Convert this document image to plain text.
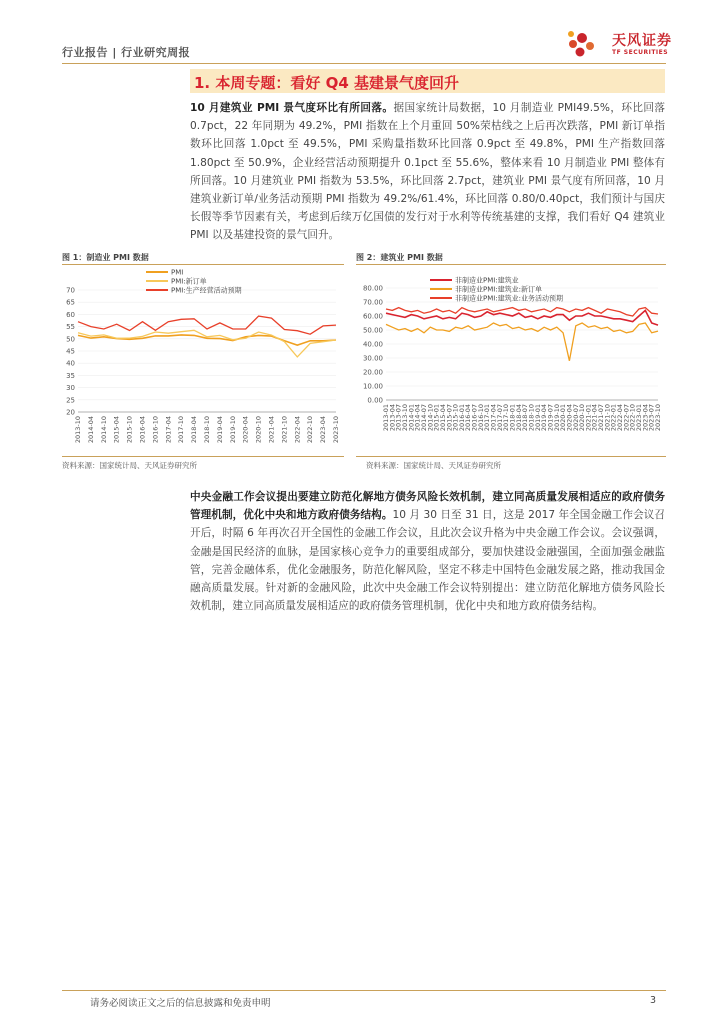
行业报告 | 行业研究周报
天风证券
TF SECURITIES
1. 本周专题：看好 Q4 基建景气度回升

10 月建筑业 PMI 景气度环比有所回落。据国家统计局数据，10 月制造业 PMI49.5%，环比回落 0.7pct，22 年同期为 49.2%，PMI 指数在上个月重回 50%荣枯线之上后再次跌落，PMI 新订单指数环比回落 1.0pct 至 49.5%，PMI 采购量指数环比回落 0.9pct 至 49.8%，PMI 生产指数回落 1.80pct 至 50.9%，企业经营活动预期提升 0.1pct 至 55.6%，整体来看 10 月制造业 PMI 整体有所回落。10 月建筑业 PMI 指数为 53.5%，环比回落 2.7pct，建筑业 PMI 景气度有所回落，10 月建筑业新订单/业务活动预期 PMI 指数为 49.2%/61.4%，环比回落 0.80/0.40pct，我们预计与国庆长假等季节因素有关，考虑到后续万亿国债的发行对于水利等传统基建的支撑，我们看好 Q4 建筑业 PMI 以及基建投资的景气回升。

图 1：制造业 PMI 数据
20
25
30
35
40
45
50
55
60
65
70
2013-10 2014-04 2014-10 2015-04 2015-10 2016-04 2016-10 2017-04 2017-10 2018-04 2018-10 2019-04 2019-10 2020-04 2020-10 2021-04 2021-10 2022-04 2022-10 2023-04 2023-10
PMI
PMI:新订单
PMI:生产经营活动预期
资料来源：国家统计局、天风证券研究所
图 2：建筑业 PMI 数据
0.00
10.00
20.00
30.00
40.00
50.00
60.00
70.00
80.00
2013-01
2013-04
2013-07
2013-10
2014-01
2014-04
2014-07
2014-10
2015-01
2015-04
2015-07
2015-10
2016-01
2016-04
2016-07
2016-10
2017-01
2017-04
2017-07
2017-10
2018-01
2018-04
2018-07
2018-10
2019-01
2019-04
2019-07
2019-10
2020-01
2020-04
2020-07
2020-10
2021-01
2021-04
2021-07
2021-10
2022-01
2022-04
2022-07
2022-10
2023-01
2023-04
2023-07
2023-10
非制造业PMI:建筑业
非制造业PMI:建筑业:新订单
非制造业PMI:建筑业:业务活动预期
资料来源：国家统计局、天风证券研究所

中央金融工作会议提出要建立防范化解地方债务风险长效机制，建立同高质量发展相适应的政府债务管理机制，优化中央和地方政府债务结构。10 月 30 日至 31 日，这是 2017 年全国金融工作会议召开后，时隔 6 年再次召开全国性的金融工作会议，且此次会议升格为中央金融工作会议。会议强调，金融是国民经济的血脉，是国家核心竞争力的重要组成部分，要加快建设金融强国，全面加强金融监管，完善金融体系，优化金融服务，防范化解风险，坚定不移走中国特色金融发展之路，推动我国金融高质量发展。针对新的金融风险，此次中央金融工作会议特别提出：建立防范化解地方债务风险长效机制，建立同高质量发展相适应的政府债务管理机制，优化中央和地方政府债务结构。

请务必阅读正文之后的信息披露和免责申明	3
